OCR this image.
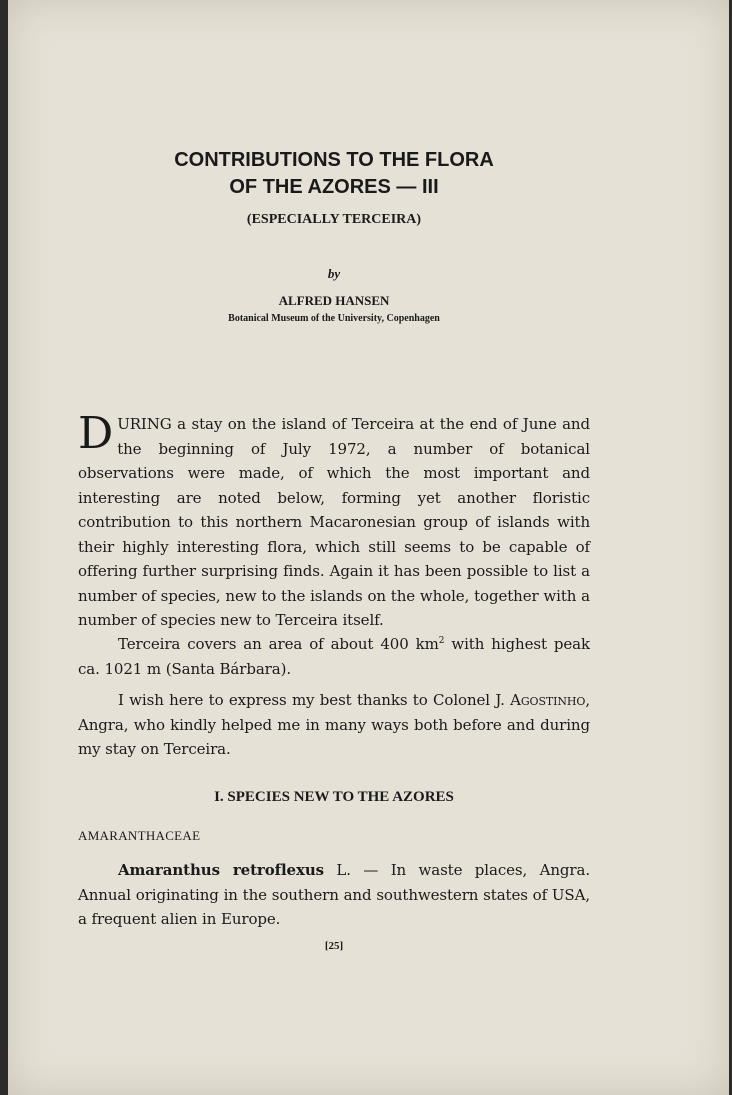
CONTRIBUTIONS TO THE FLORA
OF THE AZORES — III

(ESPECIALLY TERCEIRA)

by

ALFRED HANSEN

Botanical Museum of the University, Copenhagen

DURING a stay on the island of Terceira at the end of June and the beginning of July 1972, a number of botanical observations were made, of which the most important and interesting are noted below, forming yet another floristic contribution to this northern Macaronesian group of islands with their highly interesting flora, which still seems to be capable of offering further surprising finds. Again it has been possible to list a number of species, new to the islands on the whole, together with a number of species new to Terceira itself.

Terceira covers an area of about 400 $km^2$ with highest peak ca. 1021 m (Santa Bárbara).

I wish here to express my best thanks to Colonel J. Agostinho, Angra, who kindly helped me in many ways both before and during my stay on Terceira.

I. SPECIES NEW TO THE AZORES

AMARANTHACEAE

Amaranthus retroflexus L. — In waste places, Angra. Annual originating in the southern and southwestern states of USA, a frequent alien in Europe.

[25]
